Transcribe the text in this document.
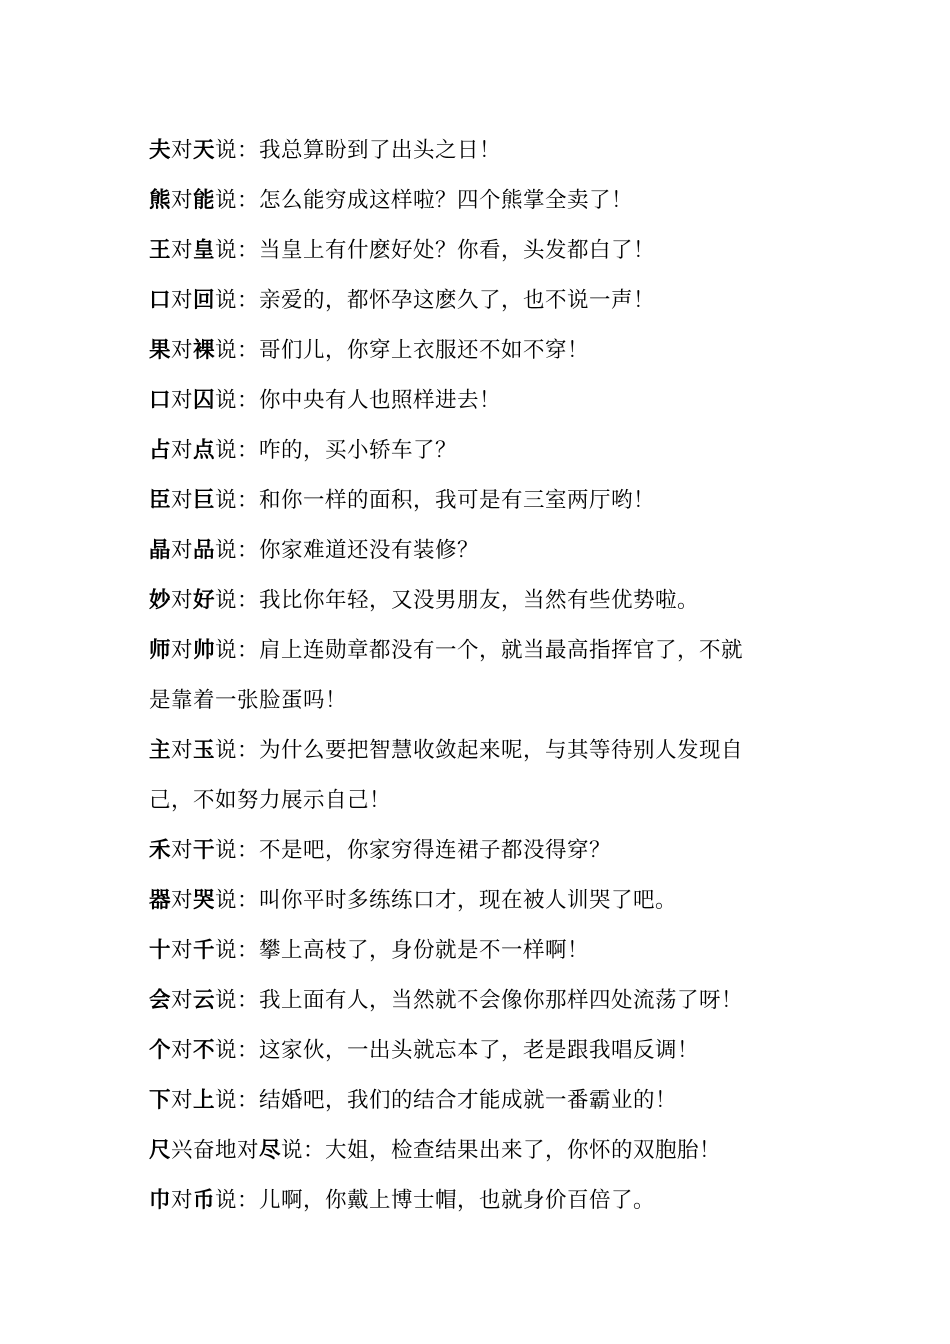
夫对天说：我总算盼到了出头之日！
熊对能说：怎么能穷成这样啦？四个熊掌全卖了！
王对皇说：当皇上有什麽好处？你看，头发都白了！
口对回说：亲爱的，都怀孕这麽久了，也不说一声！
果对裸说：哥们儿，你穿上衣服还不如不穿！
口对囚说：你中央有人也照样进去！
占对点说：咋的，买小轿车了？
臣对巨说：和你一样的面积，我可是有三室两厅哟！
晶对品说：你家难道还没有装修？
妙对好说：我比你年轻，又没男朋友，当然有些优势啦。
师对帅说：肩上连勋章都没有一个，就当最高指挥官了，不就
是靠着一张脸蛋吗！
主对玉说：为什么要把智慧收敛起来呢，与其等待别人发现自
己，不如努力展示自己！
禾对干说：不是吧，你家穷得连裙子都没得穿？
器对哭说：叫你平时多练练口才，现在被人训哭了吧。
十对千说：攀上高枝了，身份就是不一样啊！
会对云说：我上面有人，当然就不会像你那样四处流荡了呀！
个对不说：这家伙，一出头就忘本了，老是跟我唱反调！
下对上说：结婚吧，我们的结合才能成就一番霸业的！
尺兴奋地对尽说：大姐，检查结果出来了，你怀的双胞胎！
巾对币说：儿啊，你戴上博士帽，也就身价百倍了。
